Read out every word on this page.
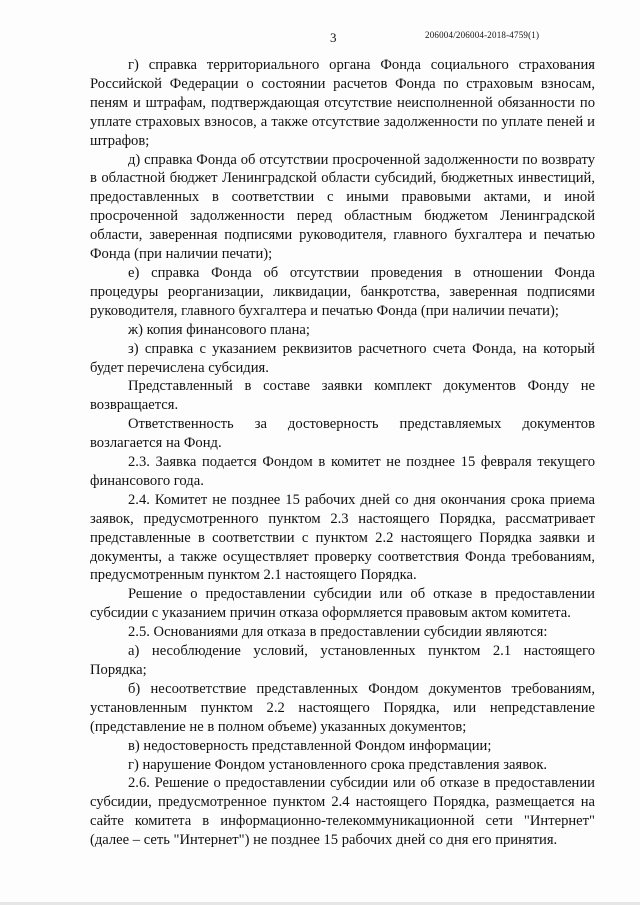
3	206004/206004-2018-4759(1)

г) справка территориального органа Фонда социального страхования Российской Федерации о состоянии расчетов Фонда по страховым взносам, пеням и штрафам, подтверждающая отсутствие неисполненной обязанности по уплате страховых взносов, а также отсутствие задолженности по уплате пеней и штрафов;

д) справка Фонда об отсутствии просроченной задолженности по возврату в областной бюджет Ленинградской области субсидий, бюджетных инвестиций, предоставленных в соответствии с иными правовыми актами, и иной просроченной задолженности перед областным бюджетом Ленинградской области, заверенная подписями руководителя, главного бухгалтера и печатью Фонда (при наличии печати);

е) справка Фонда об отсутствии проведения в отношении Фонда процедуры реорганизации, ликвидации, банкротства, заверенная подписями руководителя, главного бухгалтера и печатью Фонда (при наличии печати);

ж) копия финансового плана;

з) справка с указанием реквизитов расчетного счета Фонда, на который будет перечислена субсидия.

Представленный в составе заявки комплект документов Фонду не возвращается.

Ответственность за достоверность представляемых документов возлагается на Фонд.

2.3. Заявка подается Фондом в комитет не позднее 15 февраля текущего финансового года.

2.4. Комитет не позднее 15 рабочих дней со дня окончания срока приема заявок, предусмотренного пунктом 2.3 настоящего Порядка, рассматривает представленные в соответствии с пунктом 2.2 настоящего Порядка заявки и документы, а также осуществляет проверку соответствия Фонда требованиям, предусмотренным пунктом 2.1 настоящего Порядка.

Решение о предоставлении субсидии или об отказе в предоставлении субсидии с указанием причин отказа оформляется правовым актом комитета.

2.5. Основаниями для отказа в предоставлении субсидии являются:

а) несоблюдение условий, установленных пунктом 2.1 настоящего Порядка;

б) несоответствие представленных Фондом документов требованиям, установленным пунктом 2.2 настоящего Порядка, или непредставление (представление не в полном объеме) указанных документов;

в) недостоверность представленной Фондом информации;

г) нарушение Фондом установленного срока представления заявок.

2.6. Решение о предоставлении субсидии или об отказе в предоставлении субсидии, предусмотренное пунктом 2.4 настоящего Порядка, размещается на сайте комитета в информационно-телекоммуникационной сети "Интернет" (далее – сеть "Интернет") не позднее 15 рабочих дней со дня его принятия.
